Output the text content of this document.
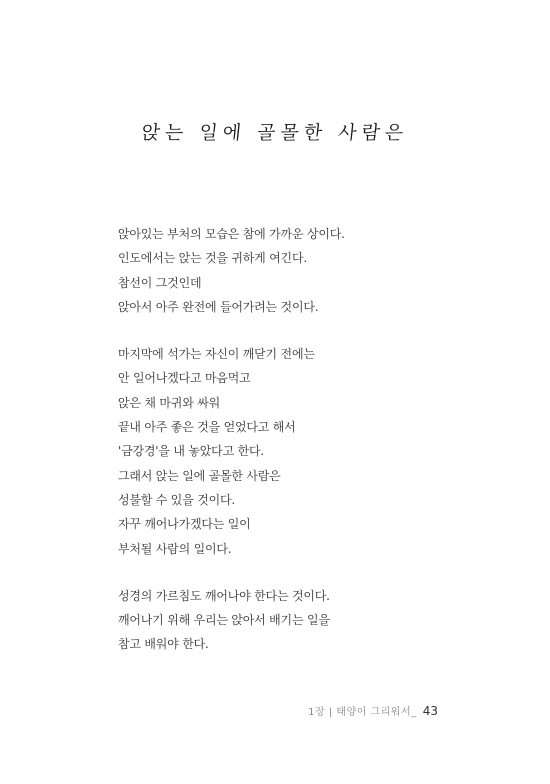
앉는 일에 골몰한 사람은
앉아있는 부처의 모습은 참에 가까운 상이다.
인도에서는 앉는 것을 귀하게 여긴다.
참선이 그것인데
앉아서 아주 완전에 들어가려는 것이다.
마지막에 석가는 자신이 깨닫기 전에는
안 일어나겠다고 마음먹고
앉은 채 마귀와 싸워
끝내 아주 좋은 것을 얻었다고 해서
'금강경'을 내 놓았다고 한다.
그래서 앉는 일에 골몰한 사람은
성불할 수 있을 것이다.
자꾸 깨어나가겠다는 일이
부처될 사람의 일이다.
성경의 가르침도 깨어나야 한다는 것이다.
깨어나기 위해 우리는 앉아서 배기는 일을
참고 배워야 한다.
1장 | 태양이 그리워서_ 43
